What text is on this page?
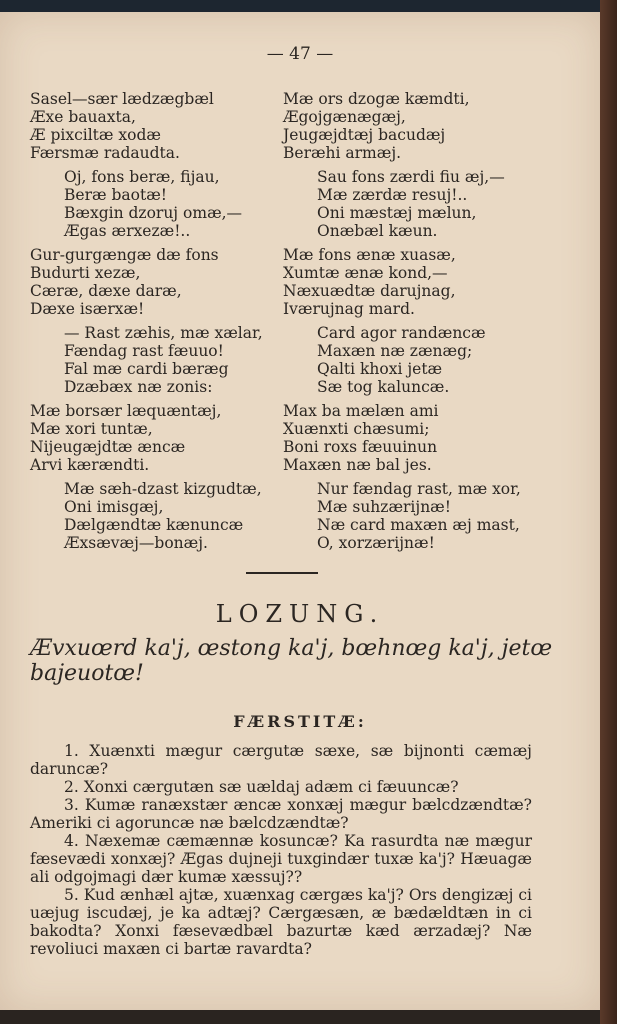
— 47 —
Sasel—sær lædzægbæl
Æxe bauaxta,
Æ pixciltæ xodæ
Færsmæ radaudta.
Oj, fons beræ, fijau,
Beræ baotæ!
Bæxgin dzoruj omæ,—
Ægas ærxezæ!..
Gur-gurgængæ dæ fons
Budurti xezæ,
Cæræ, dæxe daræ,
Dæxe isærxæ!
— Rast zæhis, mæ xælar,
Fændag rast fæuuo!
Fal mæ cardi bæræg
Dzæbæx næ zonis:
Mæ borsær læquæntæj,
Mæ xori tuntæ,
Nijeugæjdtæ æncæ
Arvi kærændti.
Mæ sæh-dzast kizgudtæ,
Oni imisgæj,
Dælgændtæ kænuncæ
Æxsævæj—bonæj.
Mæ ors dzogæ kæmdti,
Ægojgænægæj,
Jeugæjdtæj bacudæj
Beræhi armæj.
Sau fons zærdi fiu æj,—
Mæ zærdæ resuj!..
Oni mæstæj mælun,
Onæbæl kæun.
Mæ fons ænæ xuasæ,
Xumtæ ænæ kond,—
Næxuædtæ darujnag,
Iværujnag mard.
Card agor randæncæ
Maxæn næ zænæg;
Qalti khoxi jetæ
Sæ tog kaluncæ.
Max ba mælæn ami
Xuænxti chæsumi;
Boni roxs fæuuinun
Maxæn næ bal jes.
Nur fændag rast, mæ xor,
Mæ suhzærijnæ!
Næ card maxæn æj mast,
O, xorzærijnæ!
LOZUNG.
Ævxuœrd ka'j, œstong ka'j, bœhnœg ka'j, jetœ bajeuotœ!
FÆRSTITÆ:

1. Xuænxti mægur cærgutæ sæxe, sæ bijnonti cæmæj daruncæ?

2. Xonxi cærgutæn sæ uældaj adæm ci fæuuncæ?

3. Kumæ ranæxstær æncæ xonxæj mægur bælcdzændtæ? Ameriki ci agoruncæ næ bælcdzændtæ?

4. Næxemæ cæmænnæ kosuncæ? Ka rasurdta næ mægur fæsevædi xonxæj? Ægas dujneji tuxgindær tuxæ ka'j? Hæuagæ ali odgojmagi dær kumæ xæssuj??

5. Kud ænhæl ajtæ, xuænxag cærgæs ka'j? Ors dengizæj ci uæjug iscudæj, je ka adtæj? Cærgæsæn, æ bædældtæn in ci bakodta? Xonxi fæsevædbæl bazurtæ kæd ærzadæj? Næ revoliuci maxæn ci bartæ ravardta?
